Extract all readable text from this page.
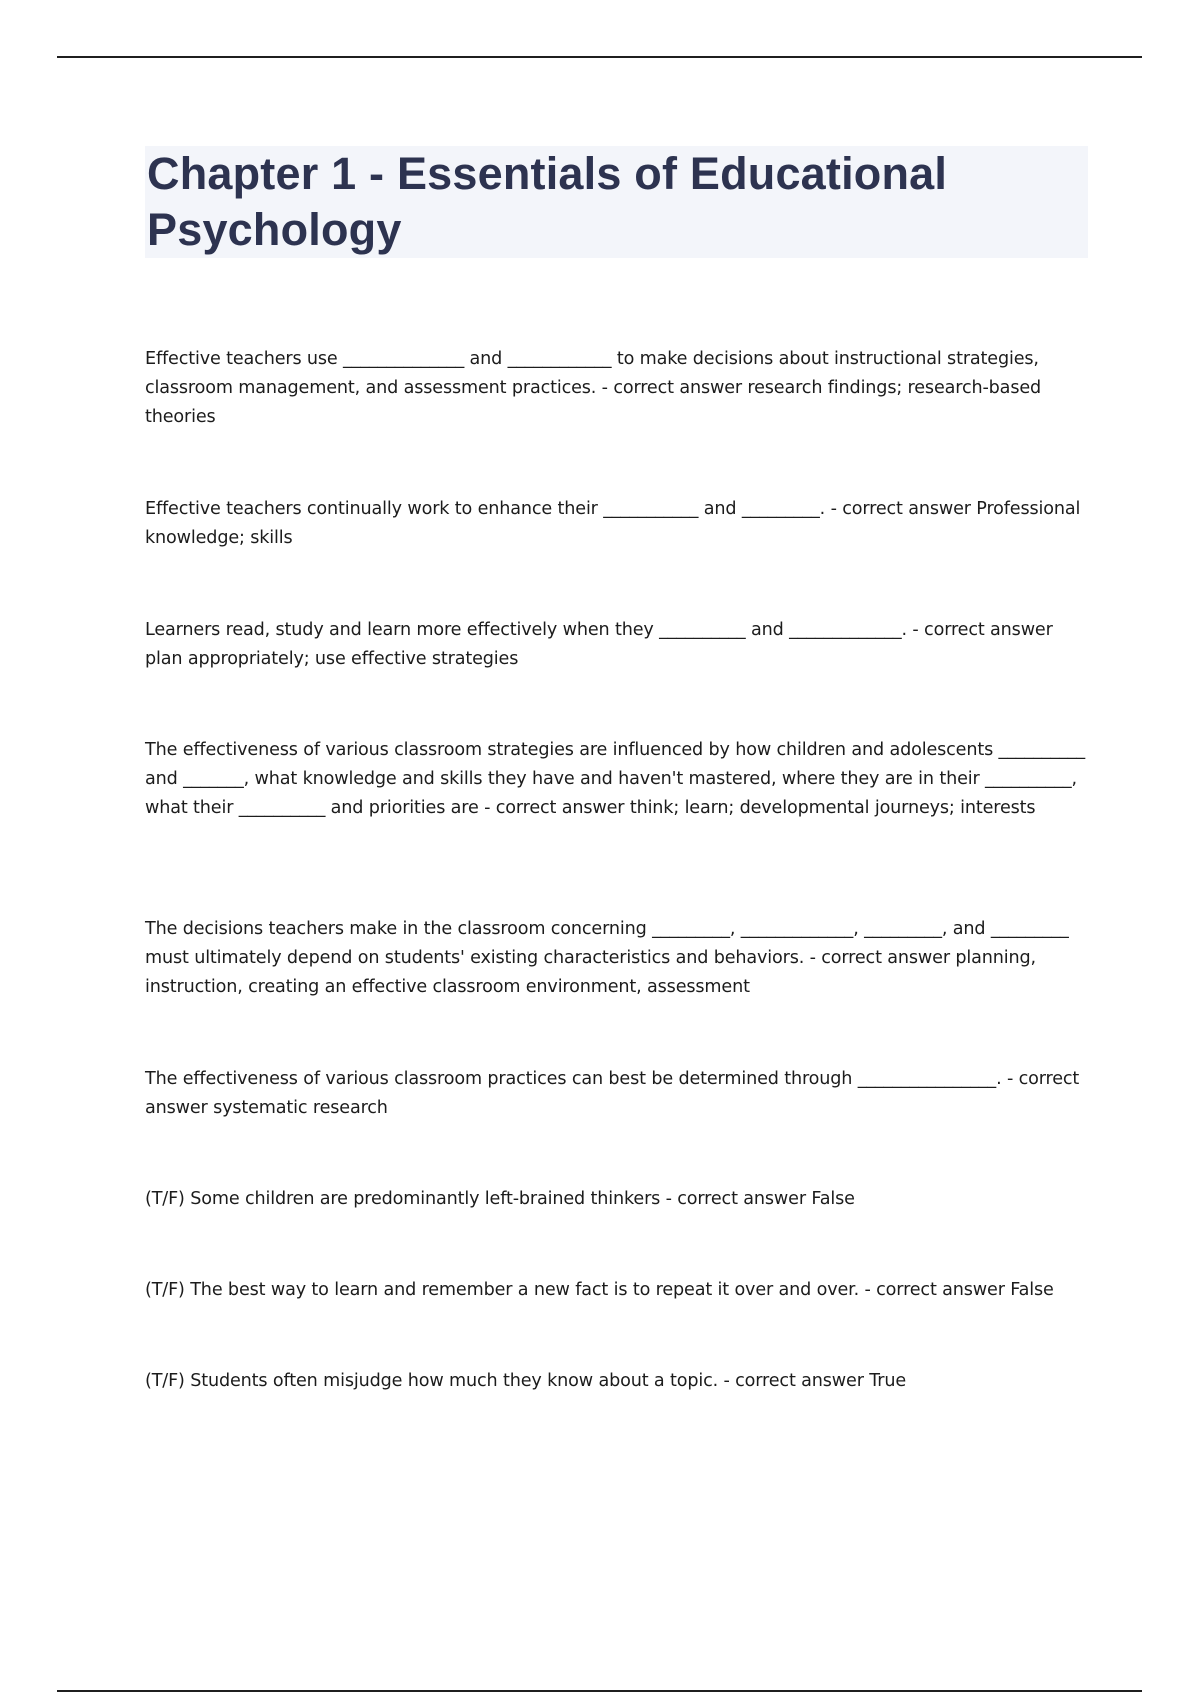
Chapter 1 - Essentials of Educational Psychology

Effective teachers use ______________ and ____________ to make decisions about instructional strategies, classroom management, and assessment practices. - correct answer research findings; research-based theories

Effective teachers continually work to enhance their ___________ and _________. - correct answer Professional knowledge; skills

Learners read, study and learn more effectively when they __________ and _____________. - correct answer plan appropriately; use effective strategies

The effectiveness of various classroom strategies are influenced by how children and adolescents __________ and _______, what knowledge and skills they have and haven't mastered, where they are in their __________, what their __________ and priorities are - correct answer think; learn; developmental journeys; interests

The decisions teachers make in the classroom concerning _________, _____________, _________, and _________ must ultimately depend on students' existing characteristics and behaviors. - correct answer planning, instruction, creating an effective classroom environment, assessment

The effectiveness of various classroom practices can best be determined through ________________. - correct answer systematic research

(T/F) Some children are predominantly left-brained thinkers - correct answer False

(T/F) The best way to learn and remember a new fact is to repeat it over and over. - correct answer False

(T/F) Students often misjudge how much they know about a topic. - correct answer True
